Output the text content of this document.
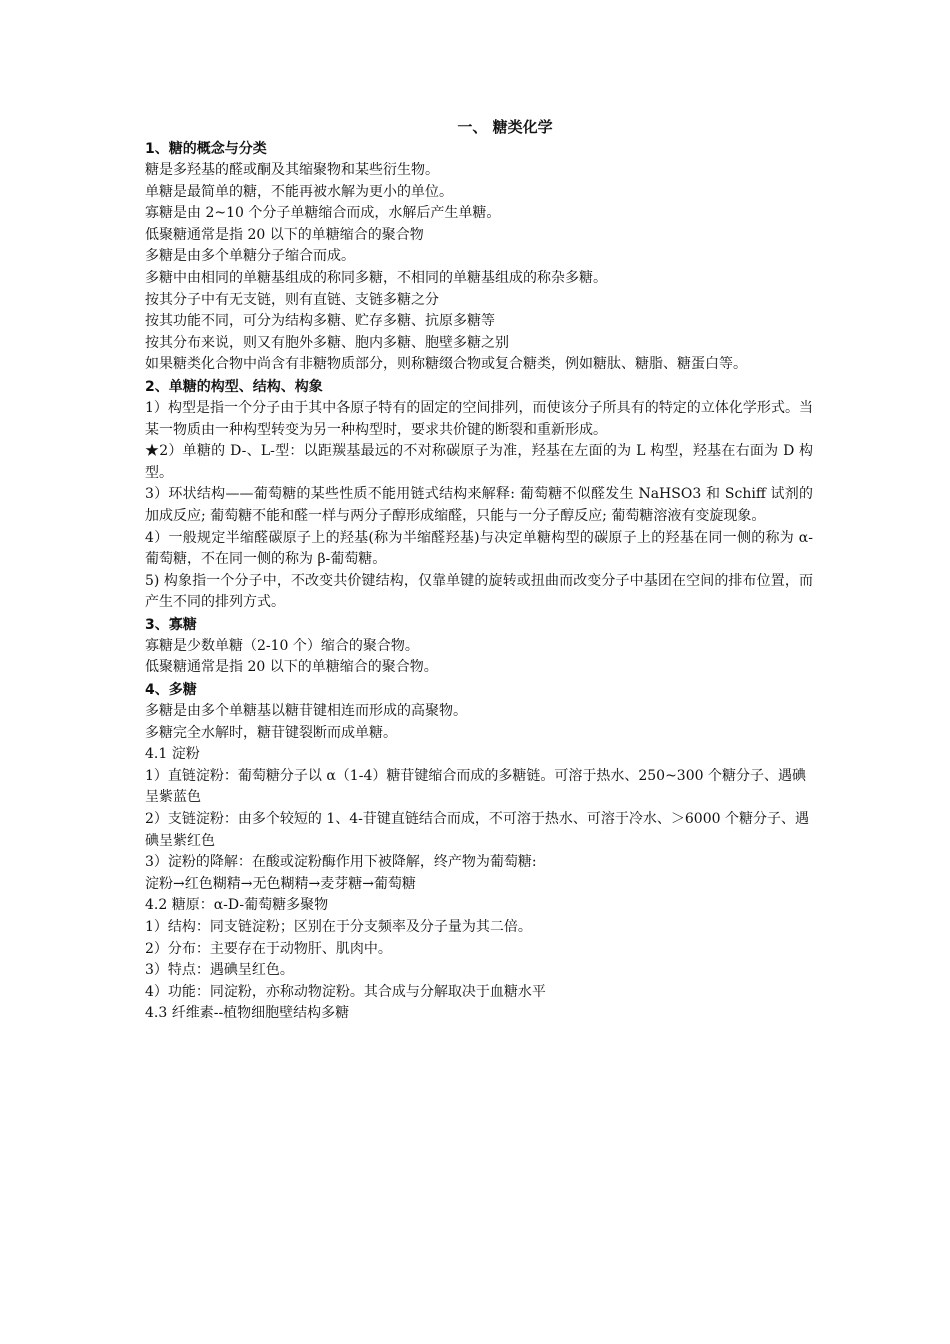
一、 糖类化学
1、糖的概念与分类

糖是多羟基的醛或酮及其缩聚物和某些衍生物。

单糖是最简单的糖，不能再被水解为更小的单位。

寡糖是由 2~10 个分子单糖缩合而成，水解后产生单糖。

低聚糖通常是指 20 以下的单糖缩合的聚合物

多糖是由多个单糖分子缩合而成。

多糖中由相同的单糖基组成的称同多糖，不相同的单糖基组成的称杂多糖。

按其分子中有无支链，则有直链、支链多糖之分

按其功能不同，可分为结构多糖、贮存多糖、抗原多糖等

按其分布来说，则又有胞外多糖、胞内多糖、胞壁多糖之别

如果糖类化合物中尚含有非糖物质部分，则称糖缀合物或复合糖类，例如糖肽、糖脂、糖蛋白等。

2、单糖的构型、结构、构象

1）构型是指一个分子由于其中各原子特有的固定的空间排列，而使该分子所具有的特定的立体化学形式。当某一物质由一种构型转变为另一种构型时，要求共价键的断裂和重新形成。

★2）单糖的 D-、L-型：以距羰基最远的不对称碳原子为准，羟基在左面的为 L 构型，羟基在右面为 D 构型。

3）环状结构——葡萄糖的某些性质不能用链式结构来解释: 葡萄糖不似醛发生 NaHSO3 和 Schiff 试剂的加成反应; 葡萄糖不能和醛一样与两分子醇形成缩醛，只能与一分子醇反应; 葡萄糖溶液有变旋现象。

4）一般规定半缩醛碳原子上的羟基(称为半缩醛羟基)与决定单糖构型的碳原子上的羟基在同一侧的称为 α-葡萄糖，不在同一侧的称为 β-葡萄糖。

5) 构象指一个分子中，不改变共价键结构，仅靠单键的旋转或扭曲而改变分子中基团在空间的排布位置，而产生不同的排列方式。

3、寡糖

寡糖是少数单糖（2-10 个）缩合的聚合物。

低聚糖通常是指 20 以下的单糖缩合的聚合物。

4、多糖

多糖是由多个单糖基以糖苷键相连而形成的高聚物。

多糖完全水解时，糖苷键裂断而成单糖。

4.1 淀粉

1）直链淀粉：葡萄糖分子以 α（1-4）糖苷键缩合而成的多糖链。可溶于热水、250~300 个糖分子、遇碘呈紫蓝色

2）支链淀粉：由多个较短的 1、4-苷键直链结合而成，不可溶于热水、可溶于冷水、＞6000 个糖分子、遇碘呈紫红色

3）淀粉的降解：在酸或淀粉酶作用下被降解，终产物为葡萄糖:

淀粉→红色糊精→无色糊精→麦芽糖→葡萄糖

4.2 糖原：α-D-葡萄糖多聚物

1）结构：同支链淀粉；区别在于分支频率及分子量为其二倍。

2）分布：主要存在于动物肝、肌肉中。

3）特点：遇碘呈红色。

4）功能：同淀粉，亦称动物淀粉。其合成与分解取决于血糖水平

4.3 纤维素--植物细胞壁结构多糖
